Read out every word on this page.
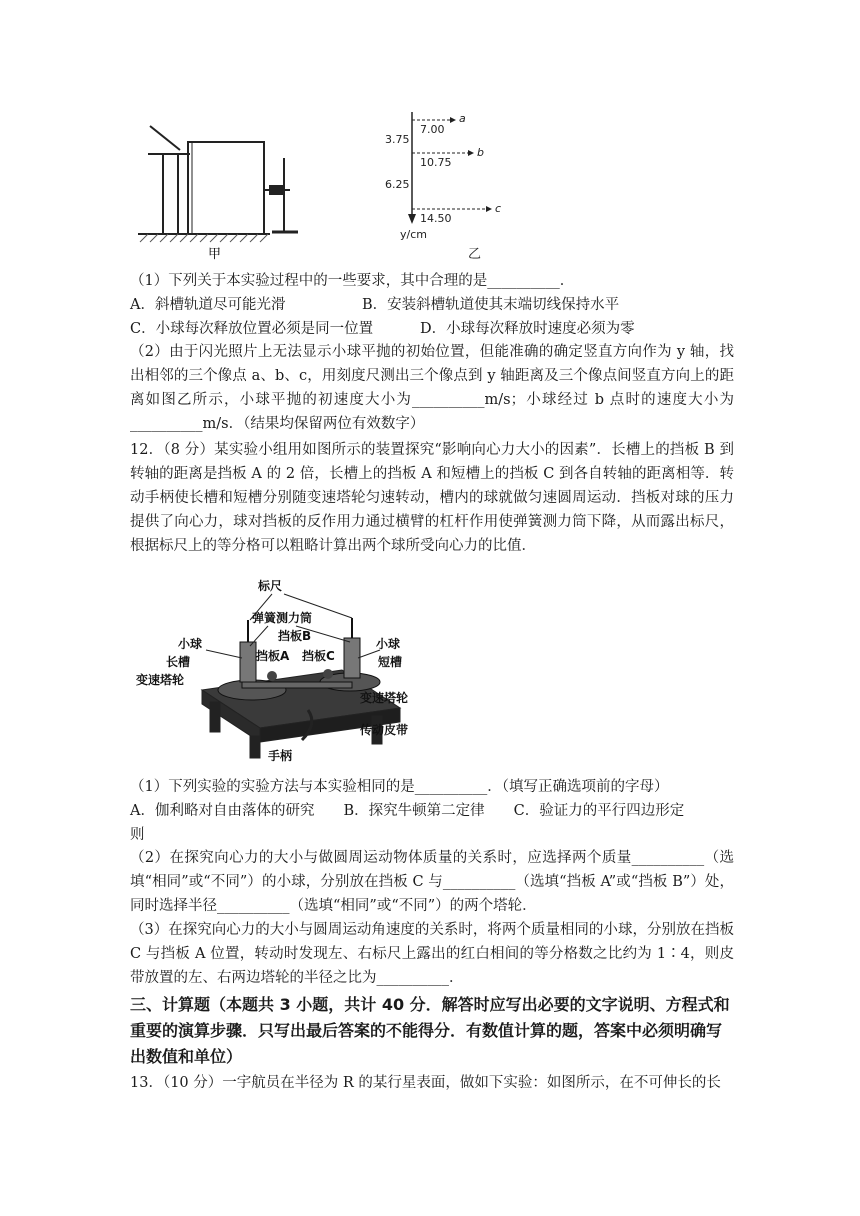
甲
3.75
6.25
7.00
10.75
14.50
a
b
c
y/cm
乙
（1）下列关于本实验过程中的一些要求，其中合理的是__________．
A．斜槽轨道尽可能光滑	B．安装斜槽轨道使其末端切线保持水平
C．小球每次释放位置必须是同一位置	D．小球每次释放时速度必须为零
（2）由于闪光照片上无法显示小球平抛的初始位置，但能准确的确定竖直方向作为 y 轴，找出相邻的三个像点 a、b、c，用刻度尺测出三个像点到 y 轴距离及三个像点间竖直方向上的距离如图乙所示，小球平抛的初速度大小为__________m/s；小球经过 b 点时的速度大小为__________m/s．（结果均保留两位有效数字）
12．（8 分）某实验小组用如图所示的装置探究“影响向心力大小的因素”．长槽上的挡板 B 到转轴的距离是挡板 A 的 2 倍，长槽上的挡板 A 和短槽上的挡板 C 到各自转轴的距离相等．转动手柄使长槽和短槽分别随变速塔轮匀速转动，槽内的球就做匀速圆周运动．挡板对球的压力提供了向心力，球对挡板的反作用力通过横臂的杠杆作用使弹簧测力筒下降，从而露出标尺，根据标尺上的等分格可以粗略计算出两个球所受向心力的比值．
标尺
弹簧测力筒
挡板B
挡板A 挡板C
小球	小球
长槽	短槽
变速塔轮
变速塔轮
传动皮带
手柄
（1）下列实验的实验方法与本实验相同的是__________．（填写正确选项前的字母）
A．伽利略对自由落体的研究　　B．探究牛顿第二定律　　C．验证力的平行四边形定
则
（2）在探究向心力的大小与做圆周运动物体质量的关系时，应选择两个质量__________（选填“相同”或“不同”）的小球，分别放在挡板 C 与__________（选填“挡板 A”或“挡板 B”）处，同时选择半径__________（选填“相同”或“不同”）的两个塔轮．
（3）在探究向心力的大小与圆周运动角速度的关系时，将两个质量相同的小球，分别放在挡板 C 与挡板 A 位置，转动时发现左、右标尺上露出的红白相间的等分格数之比约为 1∶4，则皮带放置的左、右两边塔轮的半径之比为__________．
三、计算题（本题共 3 小题，共计 40 分．解答时应写出必要的文字说明、方程式和重要的演算步骤．只写出最后答案的不能得分．有数值计算的题，答案中必须明确写出数值和单位）
13．（10 分）一宇航员在半径为 R 的某行星表面，做如下实验：如图所示，在不可伸长的长
